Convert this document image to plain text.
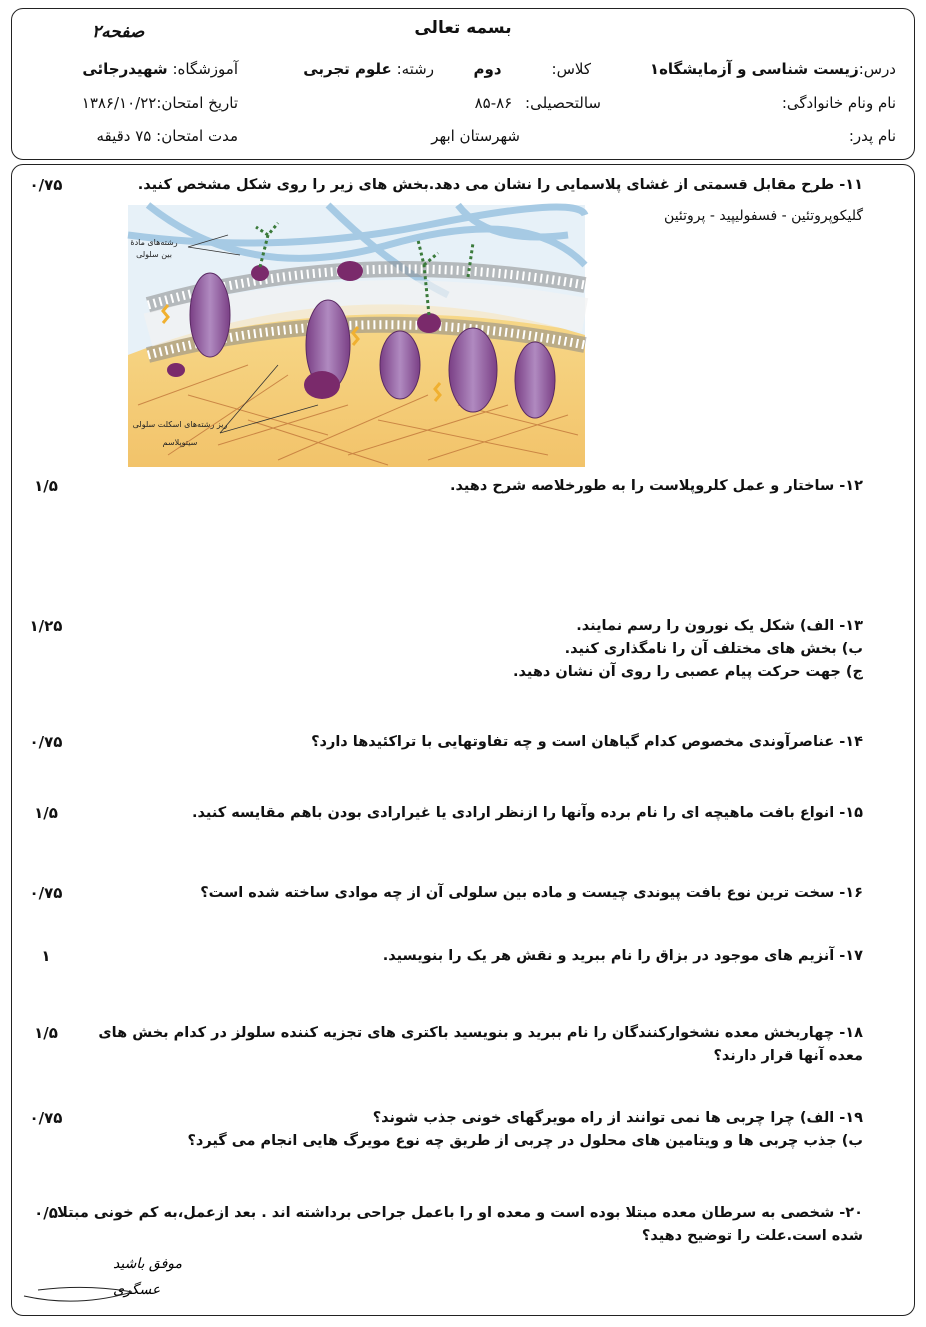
بسمه تعالی
صفحه۲
درس:زیست شناسی و آزمایشگاه۱
کلاس:دوم
رشته: علوم تجربی
آموزشگاه: شهیدرجائی
نام ونام خانوادگی:
سالتحصیلی: ۸۶-۸۵
تاریخ امتحان:۱۳۸۶/۱۰/۲۲
نام پدر:
شهرستان ابهر
مدت امتحان: ۷۵ دقیقه
۱۱- طرح مقابل قسمتی از غشای پلاسمایی را نشان می دهد.بخش های زیر را روی شکل مشخص کنید.
۰/۷۵
گلیکوپروتئین - فسفولیپید - پروتئین
رشته‌های مادهٔ
بین سلولی
ریز رشته‌های اسکلت سلولی
سیتوپلاسم
۱۲- ساختار و عمل کلروپلاست را به طورخلاصه شرح دهید.
۱/۵
۱۳- الف) شکل یک نورون را رسم نمایند.
ب) بخش های مختلف آن را نامگذاری کنید.
ج) جهت حرکت پیام عصبی را روی آن نشان دهید.
۱/۲۵
۱۴- عناصرآوندی مخصوص کدام گیاهان است و چه تفاوتهایی با تراکئیدها دارد؟
۰/۷۵
۱۵- انواع بافت ماهیچه ای را نام برده وآنها را ازنظر ارادی یا غیرارادی بودن باهم مقایسه کنید.
۱/۵
۱۶- سخت ترین نوع بافت پیوندی چیست و ماده بین سلولی آن از چه موادی ساخته شده است؟
۰/۷۵
۱۷- آنزیم های موجود در بزاق را نام ببرید و نقش هر یک را بنویسید.
۱
۱۸- چهاربخش معده نشخوارکنندگان را نام ببرید و بنویسید باکتری های تجزیه کننده سلولز در کدام بخش های
معده آنها قرار دارند؟
۱/۵
۱۹- الف) چرا چربی ها نمی توانند از راه مویرگهای خونی جذب شوند؟
ب) جذب چربی ها و ویتامین های محلول در چربی از طریق چه نوع مویرگ هایی انجام می گیرد؟
۰/۷۵
۲۰- شخصی به سرطان معده مبتلا بوده است و معده او را باعمل جراحی برداشته اند . بعد ازعمل،به کم خونی مبتلا
شده است.علت را توضیح دهید؟
۰/۵
موفق باشید
عسگری
